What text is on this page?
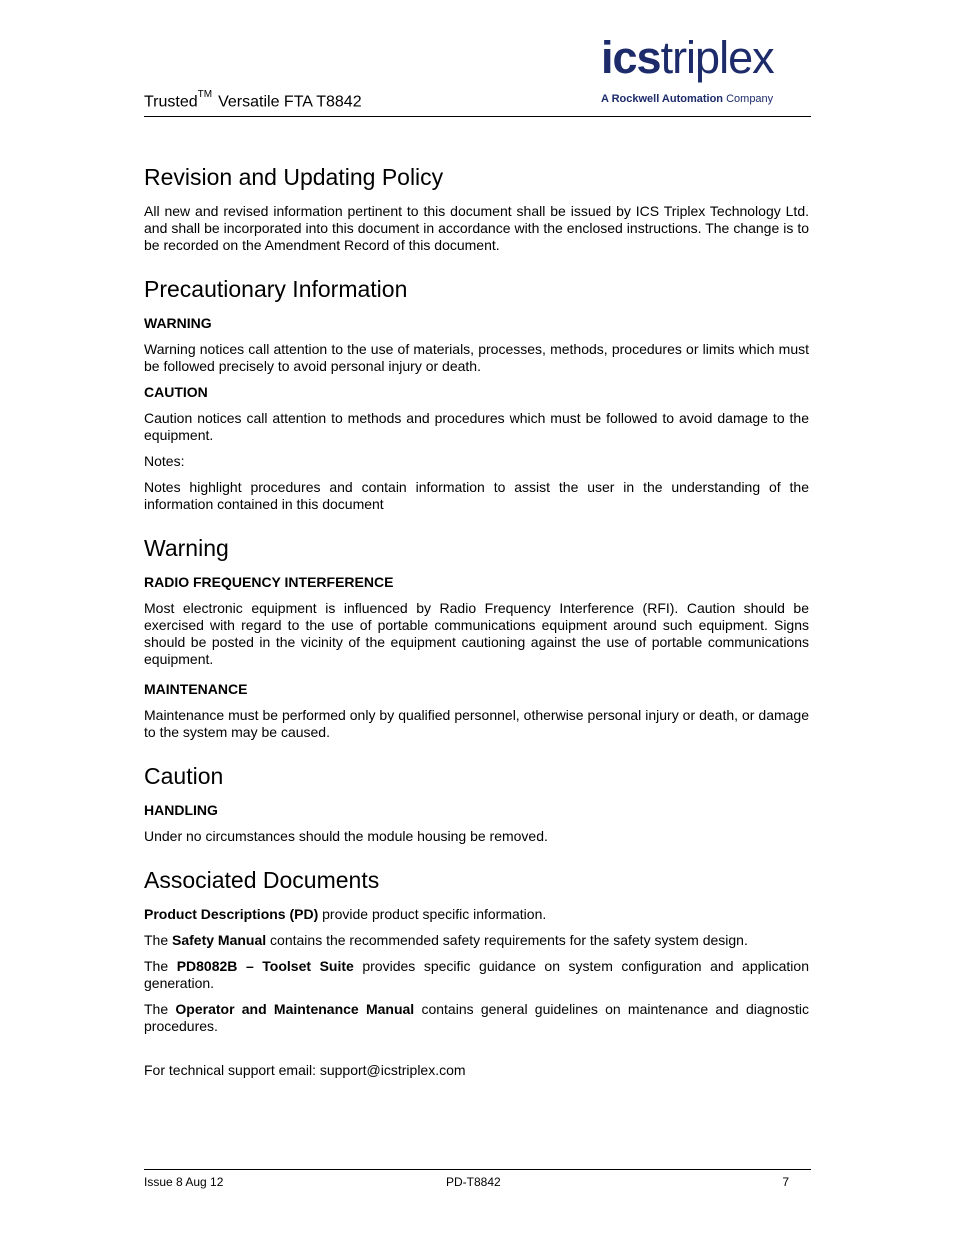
Trusted™ Versatile FTA T8842
icstriplex
A Rockwell Automation Company
Revision and Updating Policy

All new and revised information pertinent to this document shall be issued by ICS Triplex Technology Ltd. and shall be incorporated into this document in accordance with the enclosed instructions. The change is to be recorded on the Amendment Record of this document.

Precautionary Information
WARNING

Warning notices call attention to the use of materials, processes, methods, procedures or limits which must be followed precisely to avoid personal injury or death.

CAUTION

Caution notices call attention to methods and procedures which must be followed to avoid damage to the equipment.

Notes:

Notes highlight procedures and contain information to assist the user in the understanding of the information contained in this document

Warning
RADIO FREQUENCY INTERFERENCE

Most electronic equipment is influenced by Radio Frequency Interference (RFI). Caution should be exercised with regard to the use of portable communications equipment around such equipment. Signs should be posted in the vicinity of the equipment cautioning against the use of portable communications equipment.

MAINTENANCE

Maintenance must be performed only by qualified personnel, otherwise personal injury or death, or damage to the system may be caused.

Caution
HANDLING

Under no circumstances should the module housing be removed.

Associated Documents

Product Descriptions (PD) provide product specific information.

The Safety Manual contains the recommended safety requirements for the safety system design.

The PD8082B – Toolset Suite provides specific guidance on system configuration and application generation.

The Operator and Maintenance Manual contains general guidelines on maintenance and diagnostic procedures.

For technical support email: support@icstriplex.com
Issue 8 Aug 12	PD-T8842	7
